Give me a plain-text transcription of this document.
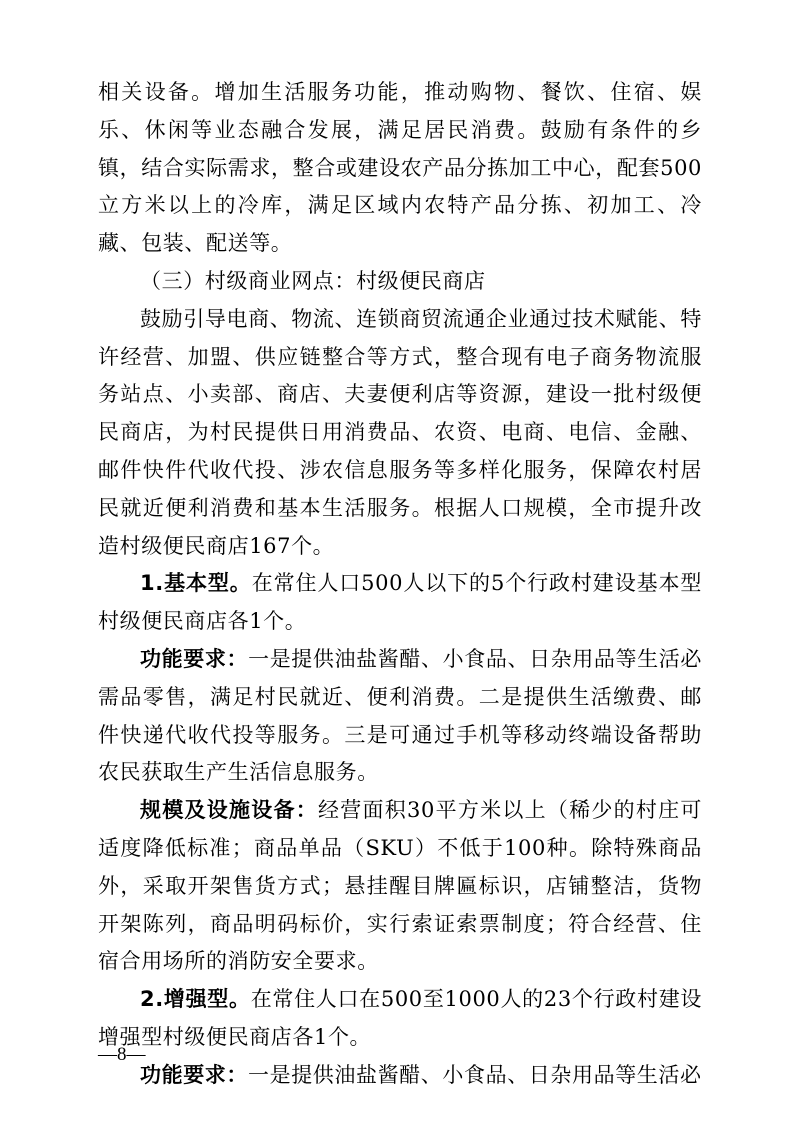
相关设备。增加生活服务功能，推动购物、餐饮、住宿、娱乐、休闲等业态融合发展，满足居民消费。鼓励有条件的乡镇，结合实际需求，整合或建设农产品分拣加工中心，配套500立方米以上的冷库，满足区域内农特产品分拣、初加工、冷藏、包装、配送等。

（三）村级商业网点：村级便民商店

鼓励引导电商、物流、连锁商贸流通企业通过技术赋能、特许经营、加盟、供应链整合等方式，整合现有电子商务物流服务站点、小卖部、商店、夫妻便利店等资源，建设一批村级便民商店，为村民提供日用消费品、农资、电商、电信、金融、邮件快件代收代投、涉农信息服务等多样化服务，保障农村居民就近便利消费和基本生活服务。根据人口规模，全市提升改造村级便民商店167个。

1.基本型。在常住人口500人以下的5个行政村建设基本型村级便民商店各1个。

功能要求：一是提供油盐酱醋、小食品、日杂用品等生活必需品零售，满足村民就近、便利消费。二是提供生活缴费、邮件快递代收代投等服务。三是可通过手机等移动终端设备帮助农民获取生产生活信息服务。

规模及设施设备：经营面积30平方米以上（稀少的村庄可适度降低标准；商品单品（SKU）不低于100种。除特殊商品外，采取开架售货方式；悬挂醒目牌匾标识，店铺整洁，货物开架陈列，商品明码标价，实行索证索票制度；符合经营、住宿合用场所的消防安全要求。

2.增强型。在常住人口在500至1000人的23个行政村建设增强型村级便民商店各1个。

功能要求：一是提供油盐酱醋、小食品、日杂用品等生活必

—8—
